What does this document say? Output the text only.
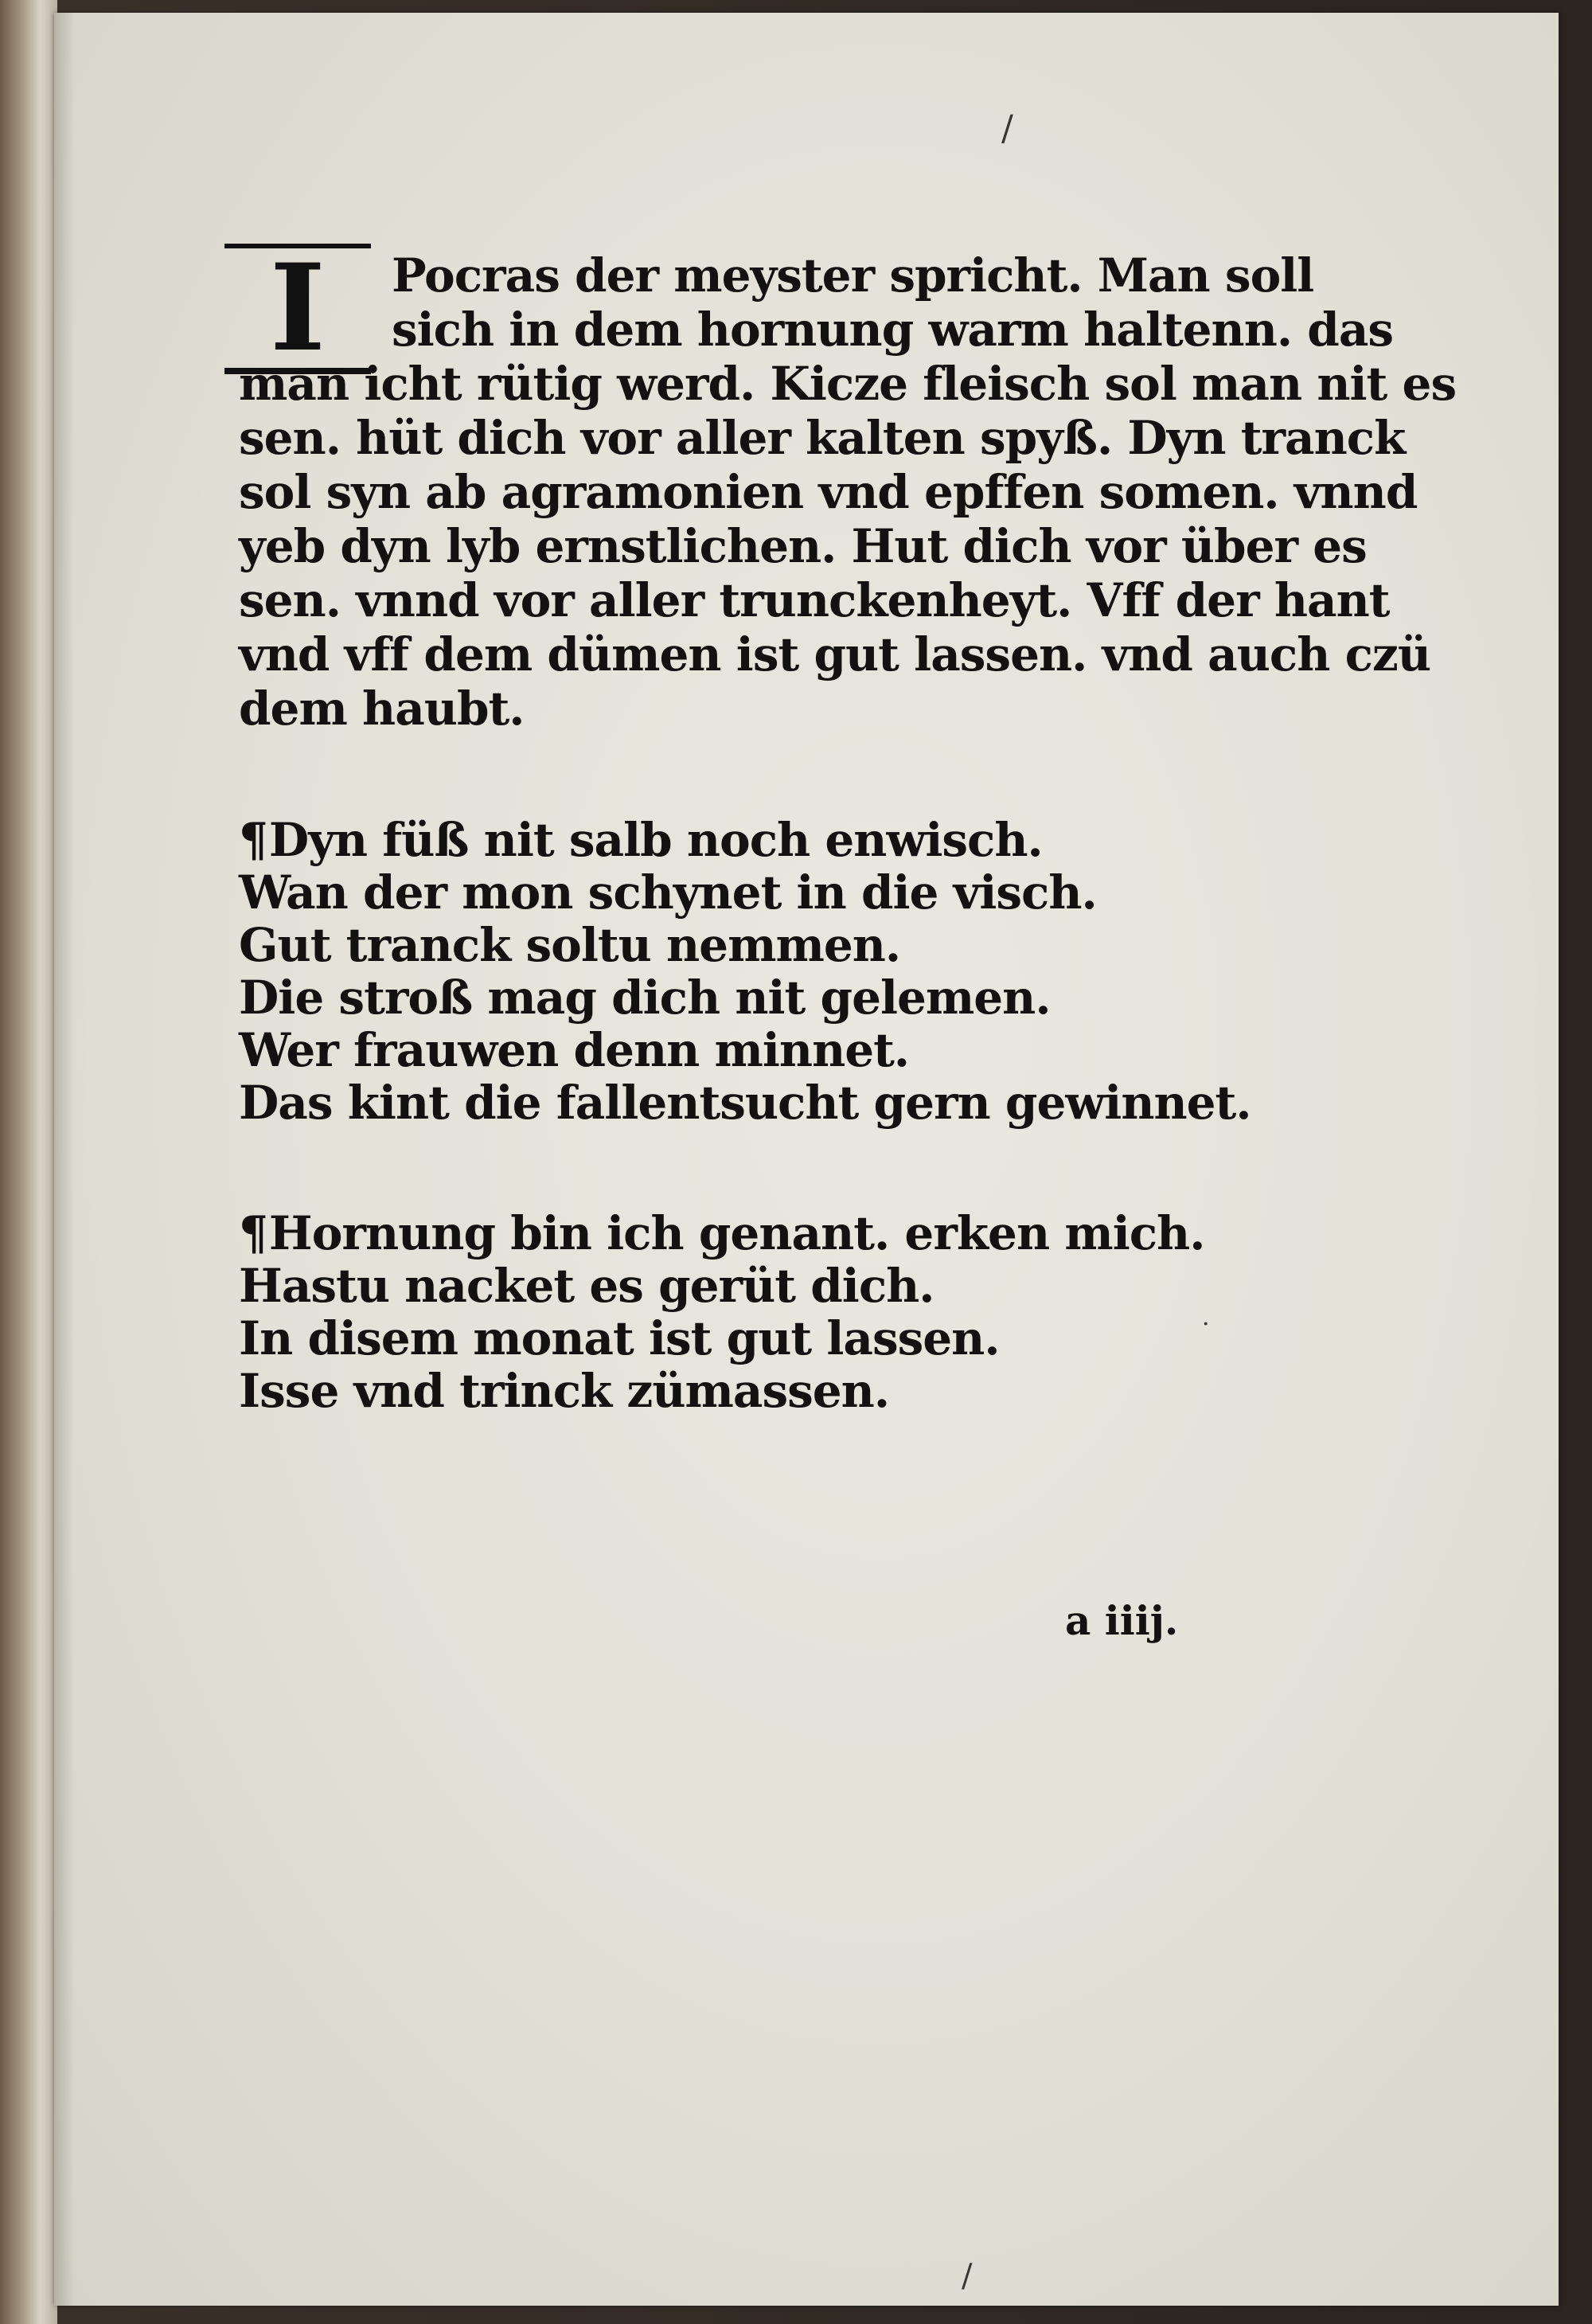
/
I	Pocras der meyster spricht. Man soll
sich in dem hornung warm haltenn. das
man icht rütig werd. Kicze fleisch sol man nit es
sen. hüt dich vor aller kalten spyß. Dyn tranck
sol syn ab agramonien vnd epffen somen. vnnd
yeb dyn lyb ernstlichen. Hut dich vor über es
sen. vnnd vor aller trunckenheyt. Vff der hant
vnd vff dem dümen ist gut lassen. vnd auch czü
dem haubt.
¶Dyn füß nit salb noch enwisch.
Wan der mon schynet in die visch.
Gut tranck soltu nemmen.
Die stroß mag dich nit gelemen.
Wer frauwen denn minnet.
Das kint die fallentsucht gern gewinnet.
¶Hornung bin ich genant. erken mich.
Hastu nacket es gerüt dich.
In disem monat ist gut lassen.
Isse vnd trinck zümassen.
a iiij.
·
/
